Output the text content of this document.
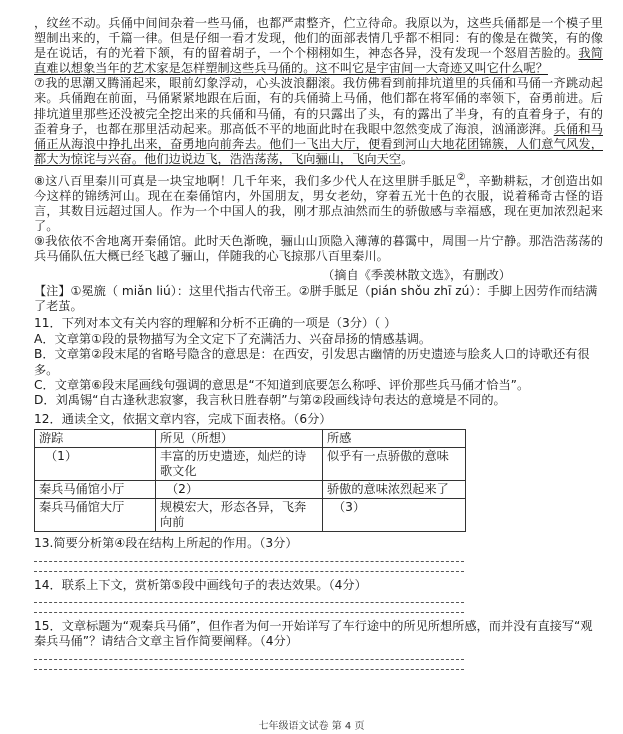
，纹丝不动。兵俑中间间杂着一些马俑，也都严肃整齐，伫立待命。我原以为，这些兵俑都是一个模子里塑制出来的，千篇一律。但是仔细一看才发现，他们的面部表情几乎都不相同：有的像是在微笑，有的像是在说话，有的光着下颔，有的留着胡子，一个个栩栩如生，神态各异，没有发现一个怒眉苦脸的。我简直难以想象当年的艺术家是怎样塑制这些兵马俑的。这不叫它是宇宙间一大奇迹又叫它什么呢？

⑦我的思潮又腾涌起来，眼前幻象浮动，心头波浪翻滚。我仿佛看到前排坑道里的兵俑和马俑一齐跳动起来。兵俑跑在前面，马俑紧紧地跟在后面，有的兵俑骑上马俑，他们都在将军俑的率领下，奋勇前进。后排坑道里那些还没被完全挖出来的兵俑和马俑，有的只露出了头，有的露出了半身，有的直着身子，有的歪着身子，也都在那里活动起来。那高低不平的地面此时在我眼中忽然变成了海浪，汹涌澎湃。兵俑和马俑正从海浪中挣扎出来，奋勇地向前奔去。他们一飞出大厅，便看到河山大地花团锦簇，人们意气风发，都大为惊诧与兴奋。他们边说边飞，浩浩荡荡，飞向骊山，飞向天空。

⑧这八百里秦川可真是一块宝地啊！几千年来，我们多少代人在这里胼手胝足②，辛勤耕耘，才创造出如今这样的锦绣河山。现在在秦俑馆内，外国朋友，男女老幼，穿着五光十色的衣服，说着稀奇古怪的语言，其数目远超过国人。作为一个中国人的我，刚才那点油然而生的骄傲感与幸福感，现在更加浓烈起来了。

⑨我依依不舍地离开秦俑馆。此时天色渐晚，骊山山顶隐入薄薄的暮霭中，周围一片宁静。那浩浩荡荡的兵马俑队伍大概已经飞越了骊山，佯随我的心飞掠那八百里秦川。

（摘自《季羡林散文选》，有删改）

【注】①冕旒（ miǎn liú）：这里代指古代帝王。②胼手胝足（pián shǒu zhī zú）：手脚上因劳作而结满了老茧。

11．下列对本文有关内容的理解和分析不正确的一项是（3分）（ ）

A．文章第①段的景物描写为全文定下了充满活力、兴奋昂扬的情感基调。

B．文章第②段末尾的省略号隐含的意思是：在西安，引发思古幽情的历史遗迹与脍炙人口的诗歌还有很多。

C．文章第⑥段末尾画线句强调的意思是“不知道到底要怎么称呼、评价那些兵马俑才恰当”。

D．刘禹锡“自古逢秋悲寂寥，我言秋日胜春朝”与第②段画线诗句表达的意境是不同的。

12．通读全文，依据文章内容，完成下面表格。（6分）

游踪	所见（所想）	所感
（1）	丰富的历史遗迹，灿烂的诗歌文化	似乎有一点骄傲的意味
秦兵马俑馆小厅	（2）	骄傲的意味浓烈起来了
秦兵马俑馆大厅	规模宏大，形态各异，飞奔向前	（3）

13.简要分析第④段在结构上所起的作用。（3分）

14．联系上下文，赏析第⑤段中画线句子的表达效果。（4分）

15．文章标题为“观秦兵马俑”，但作者为何一开始详写了车行途中的所见所想所感，而并没有直接写“观秦兵马俑”？请结合文章主旨作简要阐释。（4分）

七年级语文试卷 第 4 页
